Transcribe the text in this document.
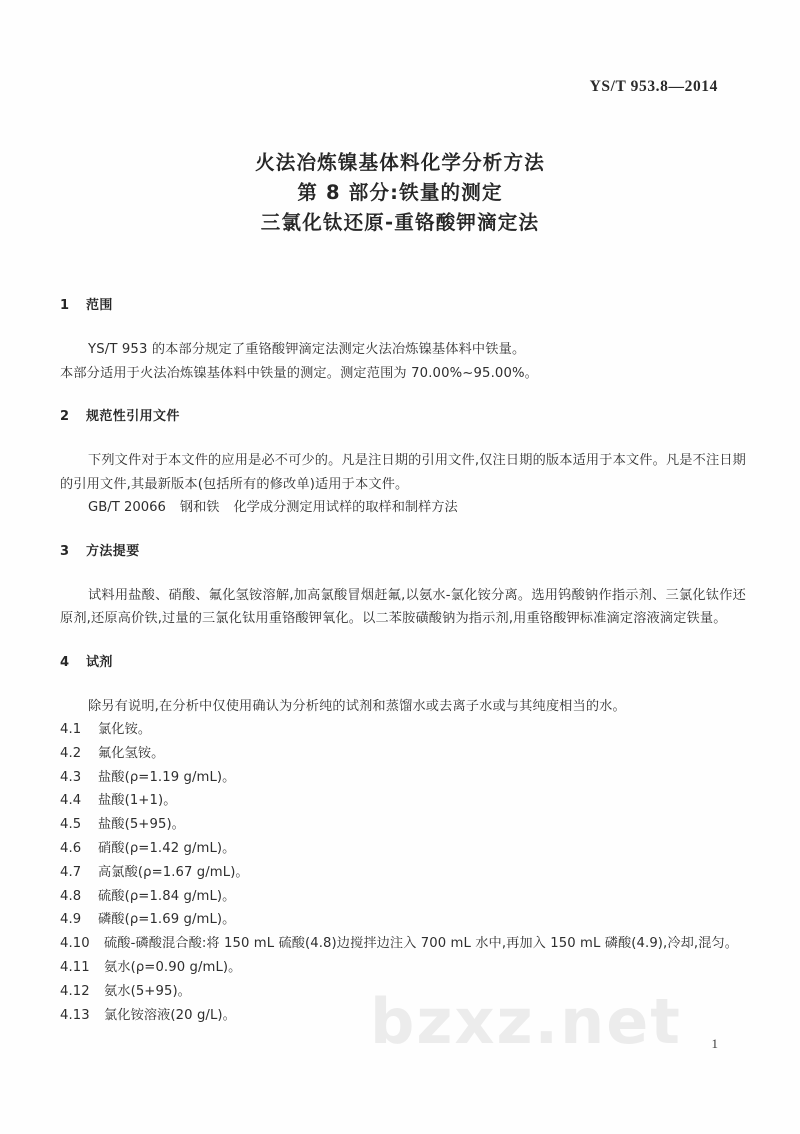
bzxz.net
YS/T 953.8—2014
火法冶炼镍基体料化学分析方法
第 8 部分:铁量的测定
三氯化钛还原-重铬酸钾滴定法
1 范围

YS/T 953 的本部分规定了重铬酸钾滴定法测定火法冶炼镍基体料中铁量。

本部分适用于火法冶炼镍基体料中铁量的测定。测定范围为 70.00%~95.00%。

2 规范性引用文件

下列文件对于本文件的应用是必不可少的。凡是注日期的引用文件,仅注日期的版本适用于本文件。凡是不注日期的引用文件,其最新版本(包括所有的修改单)适用于本文件。

GB/T 20066 钢和铁 化学成分测定用试样的取样和制样方法
3 方法提要

试料用盐酸、硝酸、氟化氢铵溶解,加高氯酸冒烟赶氟,以氨水-氯化铵分离。选用钨酸钠作指示剂、三氯化钛作还原剂,还原高价铁,过量的三氯化钛用重铬酸钾氧化。以二苯胺磺酸钠为指示剂,用重铬酸钾标准滴定溶液滴定铁量。

4 试剂

除另有说明,在分析中仅使用确认为分析纯的试剂和蒸馏水或去离子水或与其纯度相当的水。

4.1 氯化铵。
4.2 氟化氢铵。
4.3 盐酸(ρ=1.19 g/mL)。
4.4 盐酸(1+1)。
4.5 盐酸(5+95)。
4.6 硝酸(ρ=1.42 g/mL)。
4.7 高氯酸(ρ=1.67 g/mL)。
4.8 硫酸(ρ=1.84 g/mL)。
4.9 磷酸(ρ=1.69 g/mL)。
4.10 硫酸-磷酸混合酸:将 150 mL 硫酸(4.8)边搅拌边注入 700 mL 水中,再加入 150 mL 磷酸(4.9),冷却,混匀。
4.11 氨水(ρ=0.90 g/mL)。
4.12 氨水(5+95)。
4.13 氯化铵溶液(20 g/L)。
1
